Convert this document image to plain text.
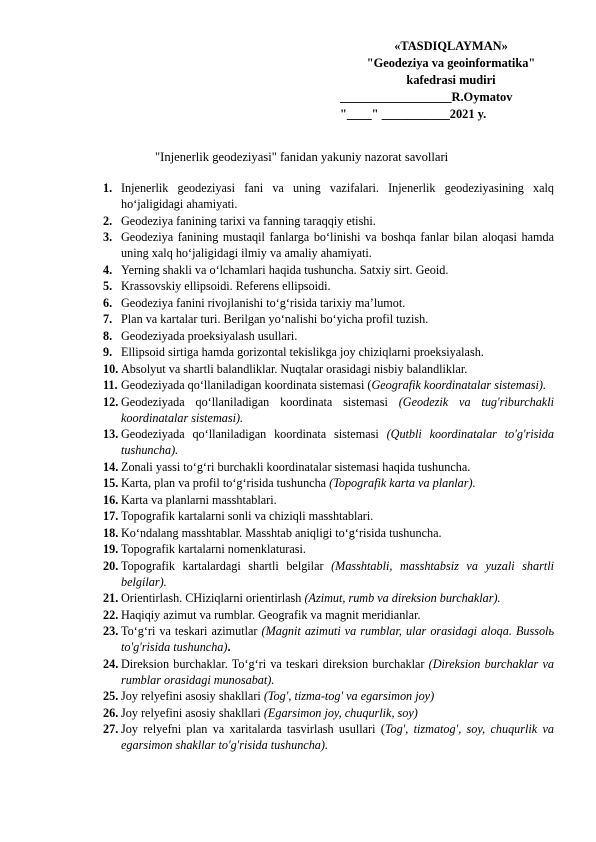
«TASDIQLAYMAN»
"Geodeziya va geoinformatika"
kafedrasi mudiri
__________________R.Oymatov
"____" ___________2021 y.
"Injenerlik geodeziyasi" fanidan yakuniy nazorat savollari
1. Injenerlik geodeziyasi fani va uning vazifalari. Injenerlik geodeziyasining xalq hoʻjaligidagi ahamiyati.
2. Geodeziya fanining tarixi va fanning taraqqiy etishi.
3. Geodeziya fanining mustaqil fanlarga boʻlinishi va boshqa fanlar bilan aloqasi hamda uning xalq hoʻjaligidagi ilmiy va amaliy ahamiyati.
4. Yerning shakli va oʻlchamlari haqida tushuncha. Satxiy sirt. Geoid.
5. Krassovskiy ellipsoidi. Referens ellipsoidi.
6. Geodeziya fanini rivojlanishi toʻgʻrisida tarixiy maʼlumot.
7. Plan va kartalar turi. Berilgan yoʻnalishi boʻyicha profil tuzish.
8. Geodeziyada proeksiyalash usullari.
9. Ellipsoid sirtiga hamda gorizontal tekislikga joy chiziqlarni proeksiyalash.
10. Absolyut va shartli balandliklar. Nuqtalar orasidagi nisbiy balandliklar.
11. Geodeziyada qoʻllaniladigan koordinata sistemasi (Geografik koordinatalar sistemasi).
12. Geodeziyada qoʻllaniladigan koordinata sistemasi (Geodezik va tug'riburchakli koordinatalar sistemasi).
13. Geodeziyada qoʻllaniladigan koordinata sistemasi (Qutbli koordinatalar to'g'risida tushuncha).
14. Zonali yassi toʻgʻri burchakli koordinatalar sistemasi haqida tushuncha.
15. Karta, plan va profil toʻgʻrisida tushuncha (Topografik karta va planlar).
16. Karta va planlarni masshtablari.
17. Topografik kartalarni sonli va chiziqli masshtablari.
18. Koʻndalang masshtablar. Masshtab aniqligi toʻgʻrisida tushuncha.
19. Topografik kartalarni nomenklaturasi.
20. Topografik kartalardagi shartli belgilar (Masshtabli, masshtabsiz va yuzali shartli belgilar).
21. Orientirlash. CHiziqlarni orientirlash (Azimut, rumb va direksion burchaklar).
22. Haqiqiy azimut va rumblar. Geografik va magnit meridianlar.
23. Toʻgʻri va teskari azimutlar (Magnit azimuti va rumblar, ular orasidagi aloqa. Bussolь to'g'risida tushuncha).
24. Direksion burchaklar. Toʻgʻri va teskari direksion burchaklar (Direksion burchaklar va rumblar orasidagi munosabat).
25. Joy relyefini asosiy shakllari (Tog', tizma-tog' va egarsimon joy)
26. Joy relyefini asosiy shakllari (Egarsimon joy, chuqurlik, soy)
27. Joy relyefni plan va xaritalarda tasvirlash usullari (Tog', tizmatog', soy, chuqurlik va egarsimon shakllar to'g'risida tushuncha).
